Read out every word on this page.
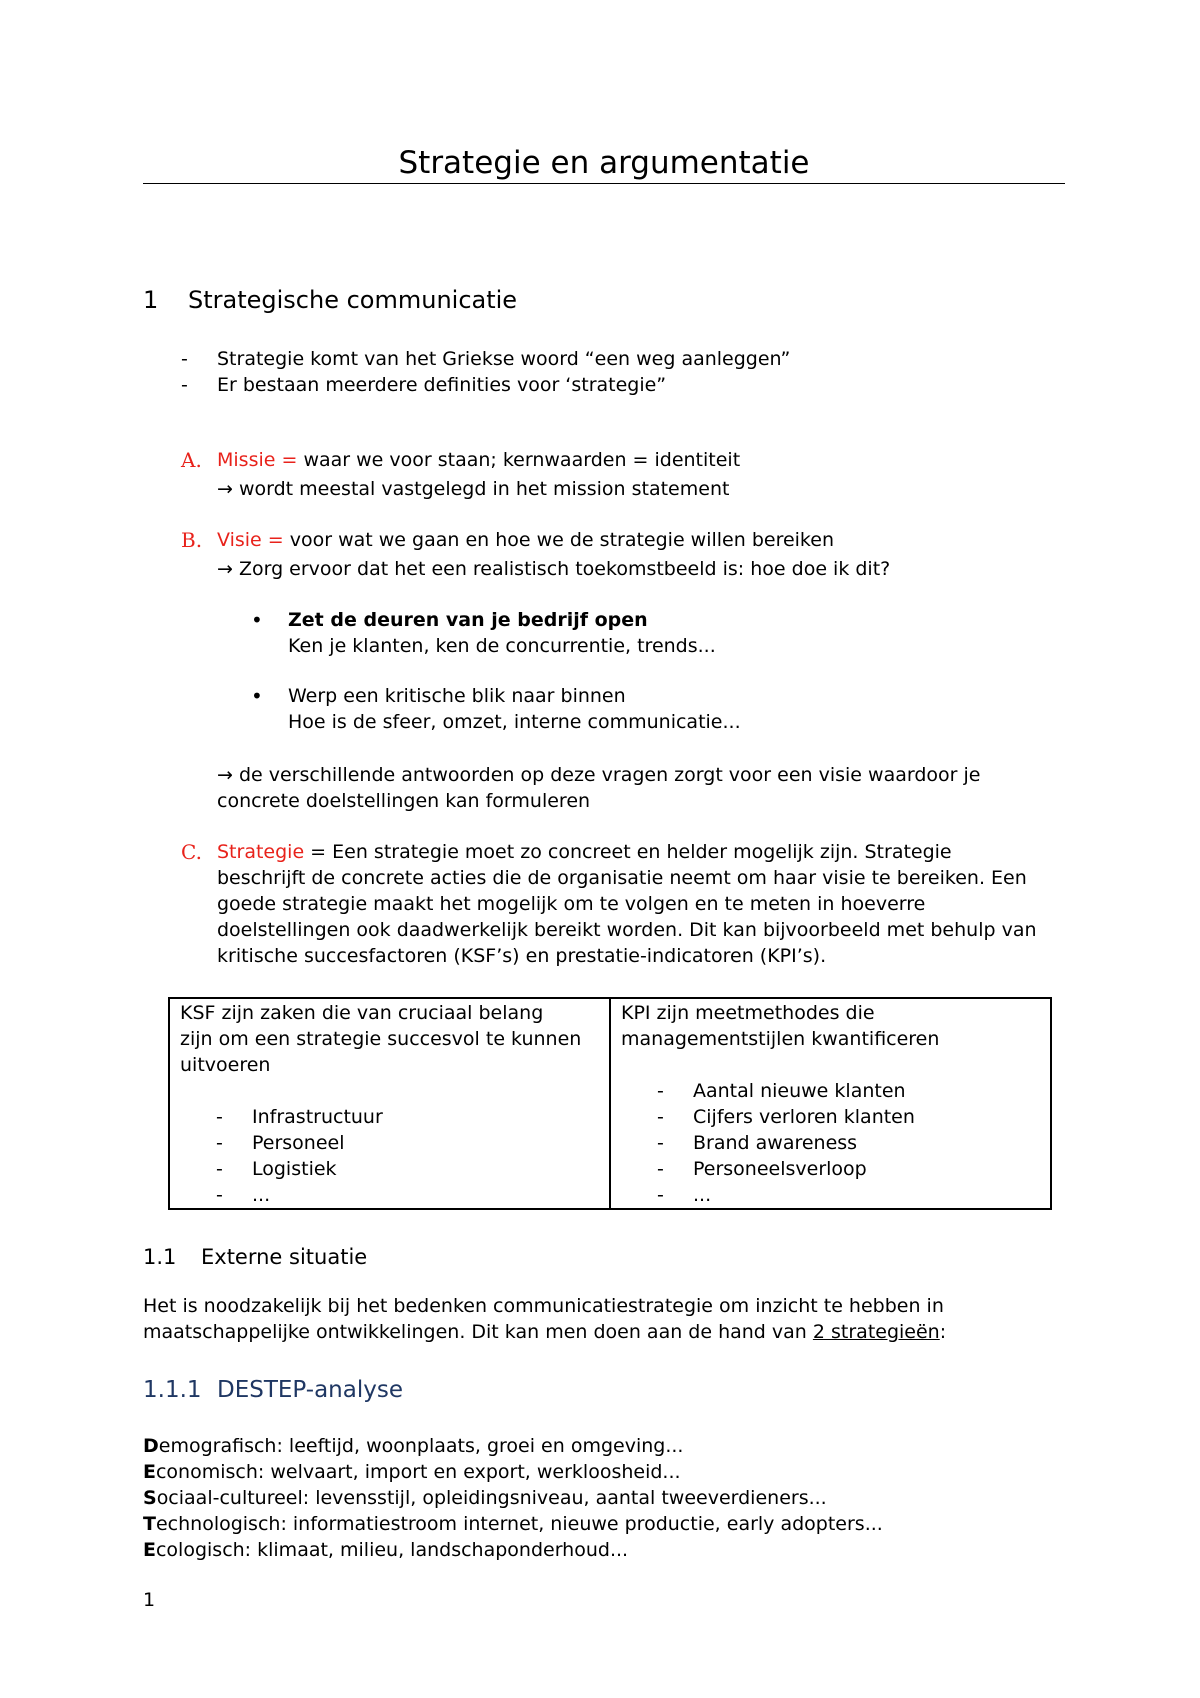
Strategie en argumentatie
1 Strategische communicatie
- Strategie komt van het Griekse woord “een weg aanleggen”
- Er bestaan meerdere definities voor ‘strategie”
A. Missie = waar we voor staan; kernwaarden = identiteit
→ wordt meestal vastgelegd in het mission statement
B. Visie = voor wat we gaan en hoe we de strategie willen bereiken
→ Zorg ervoor dat het een realistisch toekomstbeeld is: hoe doe ik dit?
• Zet de deuren van je bedrijf open
Ken je klanten, ken de concurrentie, trends...
• Werp een kritische blik naar binnen
Hoe is de sfeer, omzet, interne communicatie...
→ de verschillende antwoorden op deze vragen zorgt voor een visie waardoor je
concrete doelstellingen kan formuleren
C. Strategie = Een strategie moet zo concreet en helder mogelijk zijn. Strategie
beschrijft de concrete acties die de organisatie neemt om haar visie te bereiken. Een
goede strategie maakt het mogelijk om te volgen en te meten in hoeverre
doelstellingen ook daadwerkelijk bereikt worden. Dit kan bijvoorbeeld met behulp van
kritische succesfactoren (KSF’s) en prestatie-indicatoren (KPI’s).
KSF zijn zaken die van cruciaal belang
zijn om een strategie succesvol te kunnen
uitvoeren
- Infrastructuur
- Personeel
- Logistiek
- ...

KPI zijn meetmethodes die
managementstijlen kwantificeren
- Aantal nieuwe klanten
- Cijfers verloren klanten
- Brand awareness
- Personeelsverloop
- ...
1.1 Externe situatie
Het is noodzakelijk bij het bedenken communicatiestrategie om inzicht te hebben in
maatschappelijke ontwikkelingen. Dit kan men doen aan de hand van 2 strategieën:
1.1.1 DESTEP-analyse
Demografisch: leeftijd, woonplaats, groei en omgeving...
Economisch: welvaart, import en export, werkloosheid...
Sociaal-cultureel: levensstijl, opleidingsniveau, aantal tweeverdieners...
Technologisch: informatiestroom internet, nieuwe productie, early adopters...
Ecologisch: klimaat, milieu, landschaponderhoud...
1
